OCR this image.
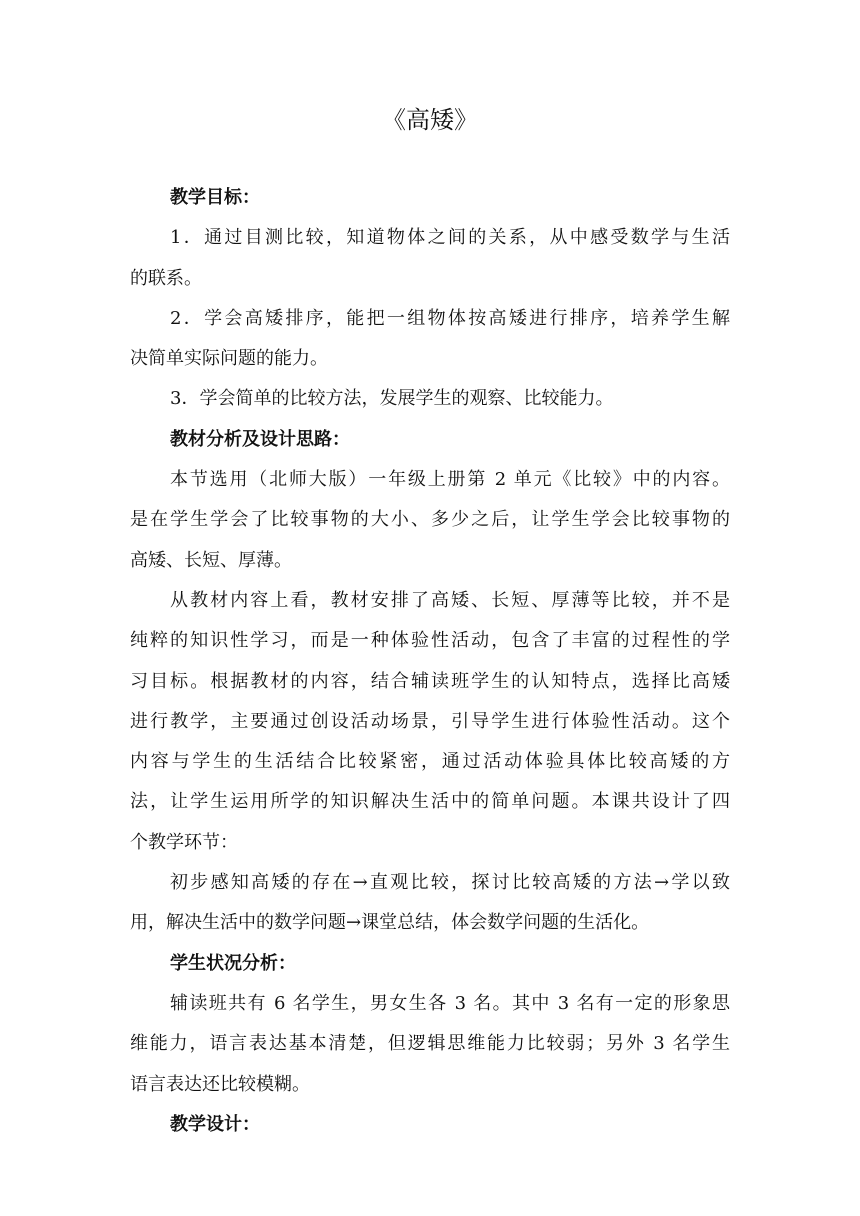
《高矮》
教学目标：
1．通过目测比较，知道物体之间的关系，从中感受数学与生活
的联系。
2．学会高矮排序，能把一组物体按高矮进行排序，培养学生解
决简单实际问题的能力。
3．学会简单的比较方法，发展学生的观察、比较能力。
教材分析及设计思路：
本节选用（北师大版）一年级上册第 2 单元《比较》中的内容。
是在学生学会了比较事物的大小、多少之后，让学生学会比较事物的
高矮、长短、厚薄。
从教材内容上看，教材安排了高矮、长短、厚薄等比较，并不是
纯粹的知识性学习，而是一种体验性活动，包含了丰富的过程性的学
习目标。根据教材的内容，结合辅读班学生的认知特点，选择比高矮
进行教学，主要通过创设活动场景，引导学生进行体验性活动。这个
内容与学生的生活结合比较紧密，通过活动体验具体比较高矮的方
法，让学生运用所学的知识解决生活中的简单问题。本课共设计了四
个教学环节：
初步感知高矮的存在→直观比较，探讨比较高矮的方法→学以致
用，解决生活中的数学问题→课堂总结，体会数学问题的生活化。
学生状况分析：
辅读班共有 6 名学生，男女生各 3 名。其中 3 名有一定的形象思
维能力，语言表达基本清楚，但逻辑思维能力比较弱；另外 3 名学生
语言表达还比较模糊。
教学设计：
